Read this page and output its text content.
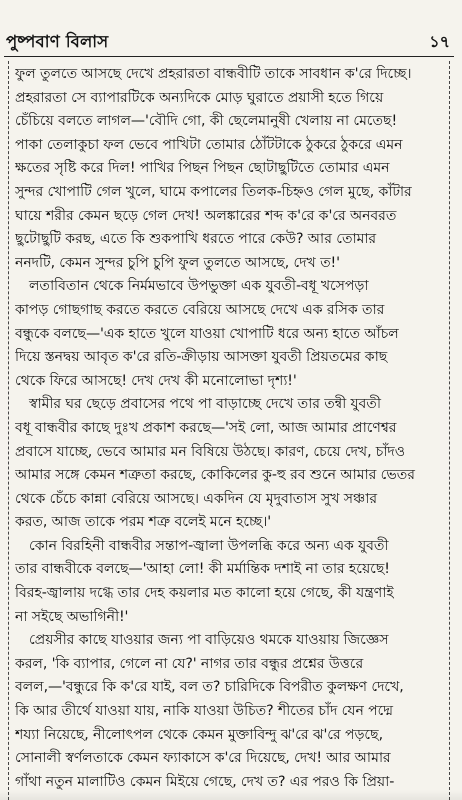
পুষ্পবাণ বিলাস	১৭
ফুল তুলতে আসছে দেখে প্রহরারতা বান্ধবীটি তাকে সাবধান ক'রে দিচ্ছে।
প্রহরারতা সে ব্যাপারটিকে অন্যদিকে মোড় ঘুরাতে প্রয়াসী হতে গিয়ে
চেঁচিয়ে বলতে লাগল—'বৌদি গো, কী ছেলেমানুষী খেলায় না মেতেছ!
পাকা তেলাকুচা ফল ভেবে পাখিটা তোমার ঠোঁটটাকে ঠুকরে ঠুকরে এমন
ক্ষতের সৃষ্টি করে দিল! পাখির পিছন পিছন ছোটাছুটিতে তোমার এমন
সুন্দর খোপাটি গেল খুলে, ঘামে কপালের তিলক-চিহ্নও গেল মুছে, কাঁটার
ঘায়ে শরীর কেমন ছড়ে গেল দেখ! অলঙ্কারের শব্দ ক'রে ক'রে অনবরত
ছুটোছুটি করছ, এতে কি শুকপাখি ধরতে পারে কেউ? আর তোমার
ননদটি, কেমন সুন্দর চুপি চুপি ফুল তুলতে আসছে, দেখ ত!'
লতাবিতান থেকে নির্মমভাবে উপভুক্তা এক যুবতী-বধূ খসেপড়া
কাপড় গোছগাছ করতে করতে বেরিয়ে আসছে দেখে এক রসিক তার
বন্ধুকে বলছে—'এক হাতে খুলে যাওয়া খোপাটি ধরে অন্য হাতে আঁচল
দিয়ে স্তনদ্বয় আবৃত ক'রে রতি-ক্রীড়ায় আসক্তা যুবতী প্রিয়তমের কাছ
থেকে ফিরে আসছে! দেখ দেখ কী মনোলোভা দৃশ্য!'
স্বামীর ঘর ছেড়ে প্রবাসের পথে পা বাড়াচ্ছে দেখে তার তন্বী যুবতী
বধূ বান্ধবীর কাছে দুঃখ প্রকাশ করছে—'সই লো, আজ আমার প্রাণেশ্বর
প্রবাসে যাচ্ছে, ভেবে আমার মন বিষিয়ে উঠছে। কারণ, চেয়ে দেখ, চাঁদও
আমার সঙ্গে কেমন শত্রুতা করছে, কোকিলের কু-হু রব শুনে আমার ভেতর
থেকে চেঁচে কান্না বেরিয়ে আসছে। একদিন যে মৃদুবাতাস সুখ সঞ্চার
করত, আজ তাকে পরম শত্রু বলেই মনে হচ্ছে।'
কোন বিরহিনী বান্ধবীর সন্তাপ-জ্বালা উপলব্ধি করে অন্য এক যুবতী
তার বান্ধবীকে বলছে—'আহা লো! কী মর্মান্তিক দশাই না তার হয়েছে!
বিরহ-জ্বালায় দগ্ধে তার দেহ কয়লার মত কালো হয়ে গেছে, কী যন্ত্রণাই
না সইছে অভাগিনী!'
প্রেয়সীর কাছে যাওয়ার জন্য পা বাড়িয়েও থমকে যাওয়ায় জিজ্ঞেস
করল, 'কি ব্যাপার, গেলে না যে?' নাগর তার বন্ধুর প্রশ্নের উত্তরে
বলল,—'বন্ধুরে কি ক'রে যাই, বল ত? চারিদিকে বিপরীত কুলক্ষণ দেখে,
কি আর তীর্থে যাওয়া যায়, নাকি যাওয়া উচিত? শীতের চাঁদ যেন পদ্মে
শয্যা নিয়েছে, নীলোৎপল থেকে কেমন মুক্তাবিন্দু ঝ'রে ঝ'রে পড়ছে,
সোনালী স্বর্ণলতাকে কেমন ফ্যাকাসে ক'রে দিয়েছে, দেখ! আর আমার
গাঁথা নতুন মালাটিও কেমন মিইয়ে গেছে, দেখ ত? এর পরও কি প্রিয়া-
